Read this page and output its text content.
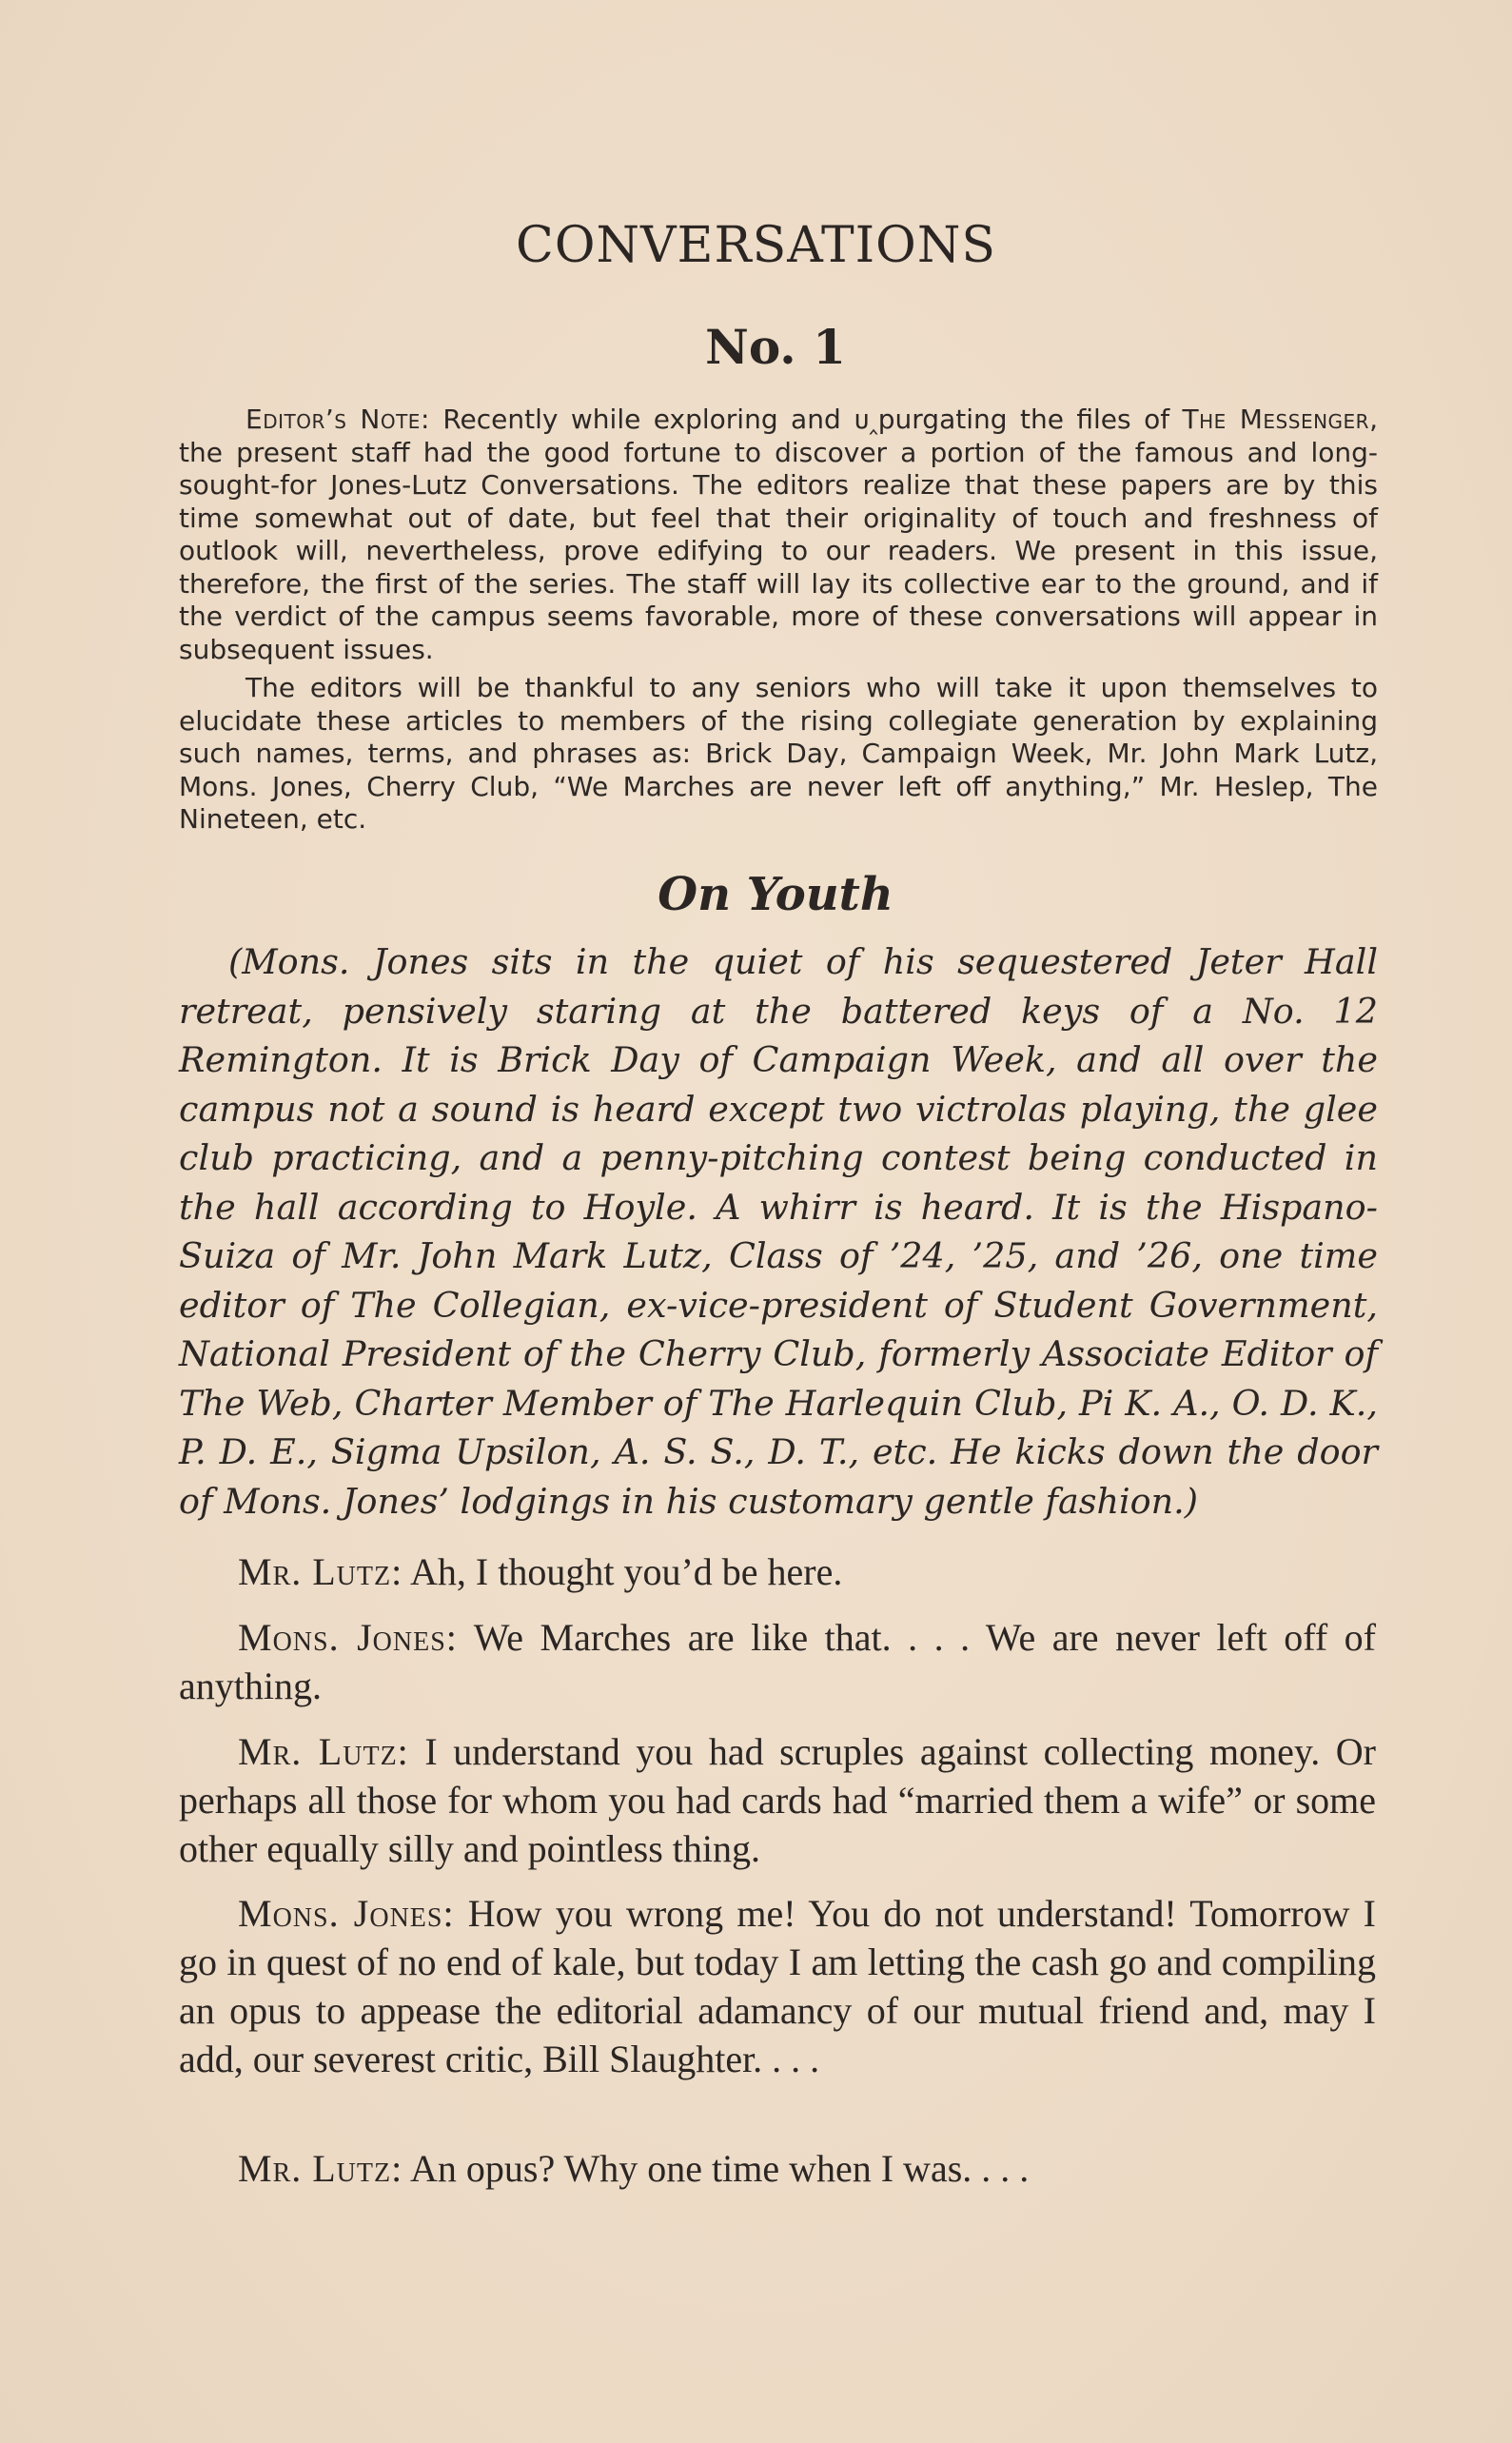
CONVERSATIONS
No. 1

Editor’s Note: Recently while exploring and ᴜ‸purgating the files of The Messenger, the present staff had the good fortune to discover a portion of the famous and long-sought-for Jones-Lutz Conversations. The editors realize that these papers are by this time somewhat out of date, but feel that their originality of touch and freshness of outlook will, nevertheless, prove edifying to our readers. We present in this issue, therefore, the first of the series. The staff will lay its collective ear to the ground, and if the verdict of the campus seems favorable, more of these conversations will appear in subsequent issues.

The editors will be thankful to any seniors who will take it upon themselves to elucidate these articles to members of the rising collegiate generation by explaining such names, terms, and phrases as: Brick Day, Campaign Week, Mr. John Mark Lutz, Mons. Jones, Cherry Club, “We Marches are never left off anything,” Mr. Heslep, The Nineteen, etc.

On Youth

(Mons. Jones sits in the quiet of his sequestered Jeter Hall retreat, pensively staring at the battered keys of a No. 12 Remington. It is Brick Day of Campaign Week, and all over the campus not a sound is heard except two victrolas playing, the glee club practicing, and a penny-pitching contest being conducted in the hall according to Hoyle. A whirr is heard. It is the Hispano-Suiza of Mr. John Mark Lutz, Class of ’24, ’25, and ’26, one time editor of The Collegian, ex-vice-president of Student Government, National President of the Cherry Club, formerly Associate Editor of The Web, Charter Member of The Harlequin Club, Pi K. A., O. D. K., P. D. E., Sigma Upsilon, A. S. S., D. T., etc. He kicks down the door of Mons. Jones’ lodgings in his customary gentle fashion.)

Mr. Lutz: Ah, I thought you’d be here.

Mons. Jones: We Marches are like that. . . . We are never left off of anything.

Mr. Lutz: I understand you had scruples against collecting money. Or perhaps all those for whom you had cards had “married them a wife” or some other equally silly and pointless thing.

Mons. Jones: How you wrong me! You do not understand! Tomorrow I go in quest of no end of kale, but today I am letting the cash go and compiling an opus to appease the editorial adamancy of our mutual friend and, may I add, our severest critic, Bill Slaughter. . . .

Mr. Lutz: An opus? Why one time when I was. . . .
